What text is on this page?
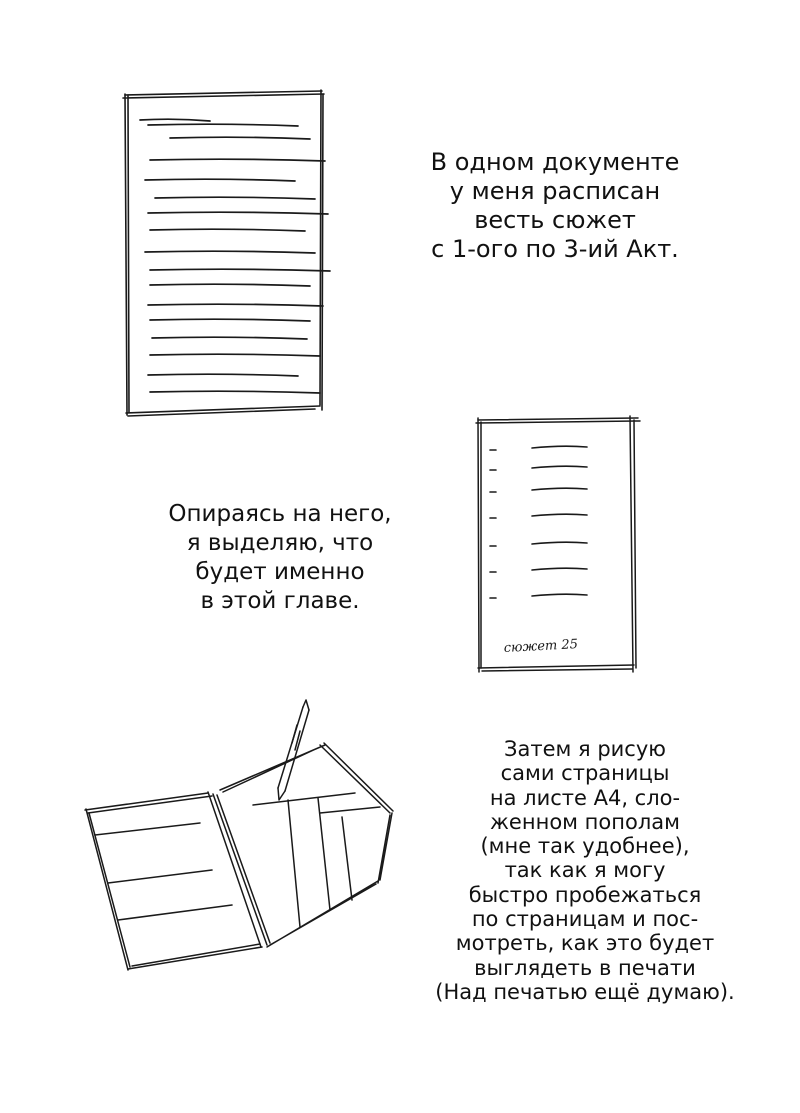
сюжет 25
В одном документе
у меня расписан
весть сюжет
с 1-ого по 3-ий Акт.
Опираясь на него,
я выделяю, что
будет именно
в этой главе.
Затем я рисую
сами страницы
на листе А4, сло-
женном пополам
(мне так удобнее),
так как я могу
быстро пробежаться
по страницам и пос-
мотреть, как это будет
выглядеть в печати
(Над печатью ещё думаю).
